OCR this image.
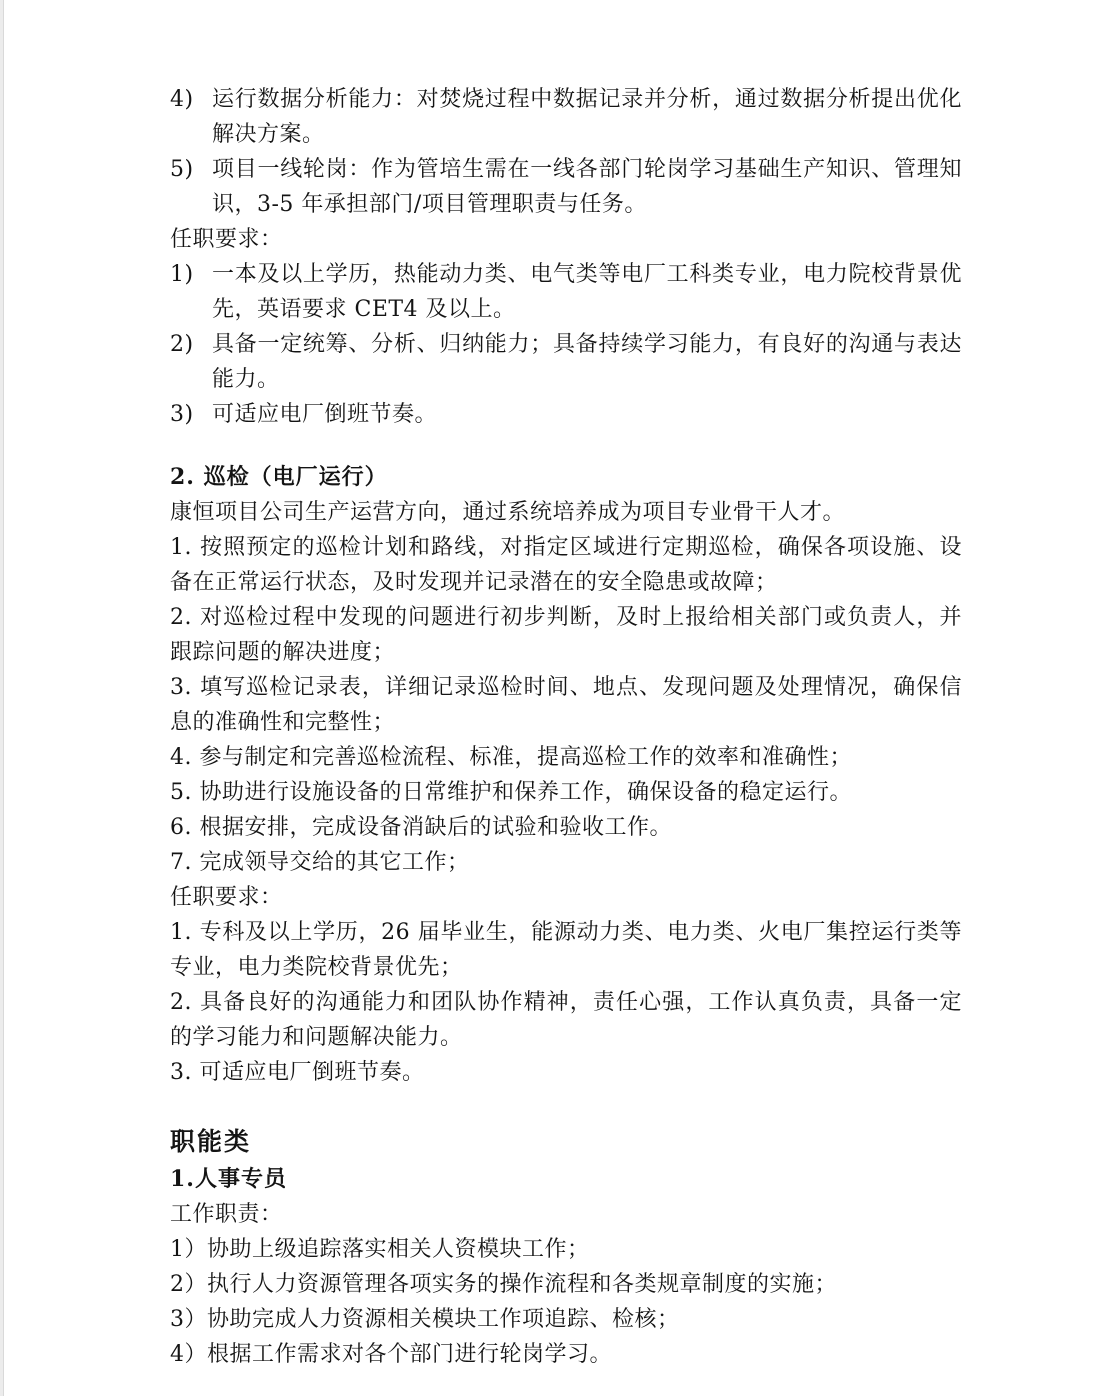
4) 运行数据分析能力：对焚烧过程中数据记录并分析，通过数据分析提出优化解决方案。
5) 项目一线轮岗：作为管培生需在一线各部门轮岗学习基础生产知识、管理知识，3-5 年承担部门/项目管理职责与任务。

任职要求：

1) 一本及以上学历，热能动力类、电气类等电厂工科类专业，电力院校背景优先，英语要求 CET4 及以上。
2) 具备一定统筹、分析、归纳能力；具备持续学习能力，有良好的沟通与表达能力。
3) 可适应电厂倒班节奏。
2. 巡检（电厂运行）

康恒项目公司生产运营方向，通过系统培养成为项目专业骨干人才。

1. 按照预定的巡检计划和路线，对指定区域进行定期巡检，确保各项设施、设备在正常运行状态，及时发现并记录潜在的安全隐患或故障；

2. 对巡检过程中发现的问题进行初步判断，及时上报给相关部门或负责人，并跟踪问题的解决进度；

3. 填写巡检记录表，详细记录巡检时间、地点、发现问题及处理情况，确保信息的准确性和完整性；

4. 参与制定和完善巡检流程、标准，提高巡检工作的效率和准确性；

5. 协助进行设施设备的日常维护和保养工作，确保设备的稳定运行。

6. 根据安排，完成设备消缺后的试验和验收工作。

7. 完成领导交给的其它工作；

任职要求：

1. 专科及以上学历，26 届毕业生，能源动力类、电力类、火电厂集控运行类等专业，电力类院校背景优先；

2. 具备良好的沟通能力和团队协作精神，责任心强，工作认真负责，具备一定的学习能力和问题解决能力。

3. 可适应电厂倒班节奏。

职能类
1.人事专员

工作职责：

1）协助上级追踪落实相关人资模块工作；

2）执行人力资源管理各项实务的操作流程和各类规章制度的实施；

3）协助完成人力资源相关模块工作项追踪、检核；

4）根据工作需求对各个部门进行轮岗学习。
